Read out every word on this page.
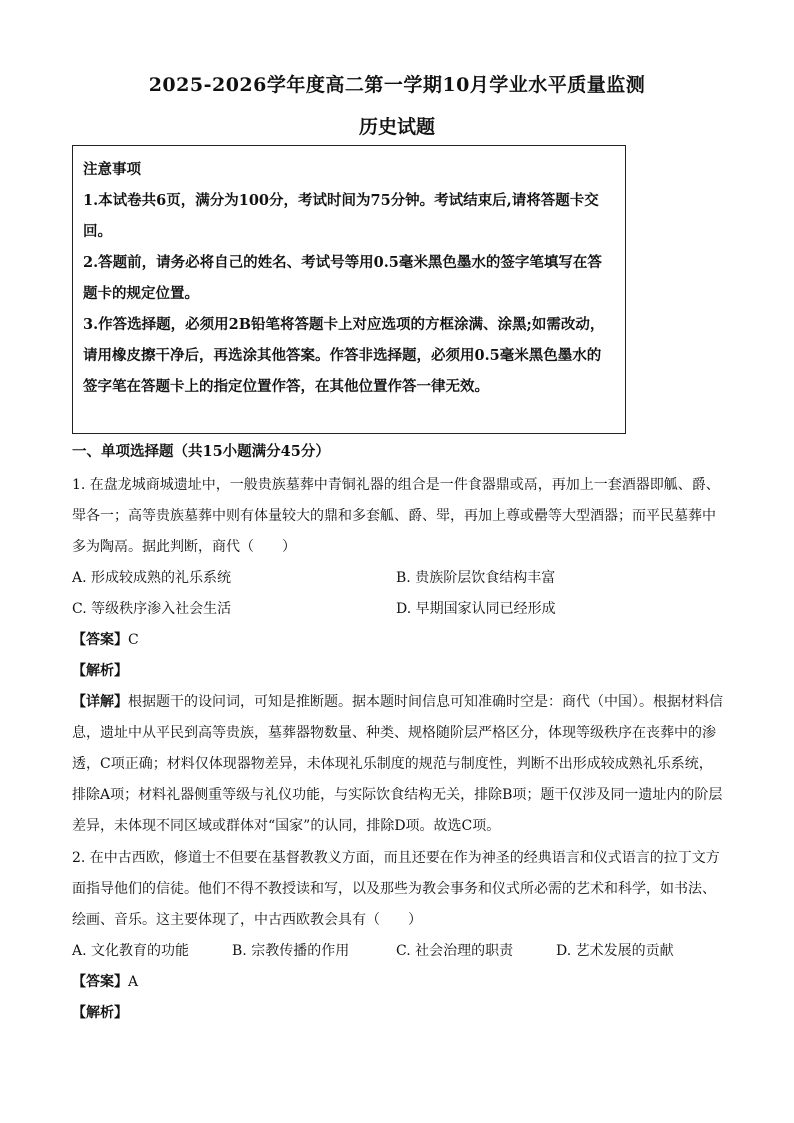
2025-2026学年度高二第一学期10月学业水平质量监测
历史试题

注意事项

1.本试卷共6页，满分为100分，考试时间为75分钟。考试结束后,请将答题卡交回。

2.答题前，请务必将自己的姓名、考试号等用0.5毫米黑色墨水的签字笔填写在答题卡的规定位置。

3.作答选择题，必须用2B铅笔将答题卡上对应选项的方框涂满、涂黑;如需改动，请用橡皮擦干净后，再选涂其他答案。作答非选择题，必须用0.5毫米黑色墨水的签字笔在答题卡上的指定位置作答，在其他位置作答一律无效。

一、单项选择题（共15小题满分45分）
1. 在盘龙城商城遗址中，一般贵族墓葬中青铜礼器的组合是一件食器鼎或鬲，再加上一套酒器即觚、爵、斝各一；高等贵族墓葬中则有体量较大的鼎和多套觚、爵、斝，再加上尊或罍等大型酒器；而平民墓葬中多为陶鬲。据此判断，商代（　　）
A. 形成较成熟的礼乐系统	B. 贵族阶层饮食结构丰富
C. 等级秩序渗入社会生活	D. 早期国家认同已经形成
【答案】C
【解析】
【详解】根据题干的设问词，可知是推断题。据本题时间信息可知准确时空是：商代（中国）。根据材料信息，遗址中从平民到高等贵族，墓葬器物数量、种类、规格随阶层严格区分，体现等级秩序在丧葬中的渗透，C项正确；材料仅体现器物差异，未体现礼乐制度的规范与制度性，判断不出形成较成熟礼乐系统，排除A项；材料礼器侧重等级与礼仪功能，与实际饮食结构无关，排除B项；题干仅涉及同一遗址内的阶层差异，未体现不同区域或群体对“国家”的认同，排除D项。故选C项。
2. 在中古西欧，修道士不但要在基督教教义方面，而且还要在作为神圣的经典语言和仪式语言的拉丁文方面指导他们的信徒。他们不得不教授读和写，以及那些为教会事务和仪式所必需的艺术和科学，如书法、绘画、音乐。这主要体现了，中古西欧教会具有（　　）
A. 文化教育的功能	B. 宗教传播的作用	C. 社会治理的职责	D. 艺术发展的贡献
【答案】A
【解析】
